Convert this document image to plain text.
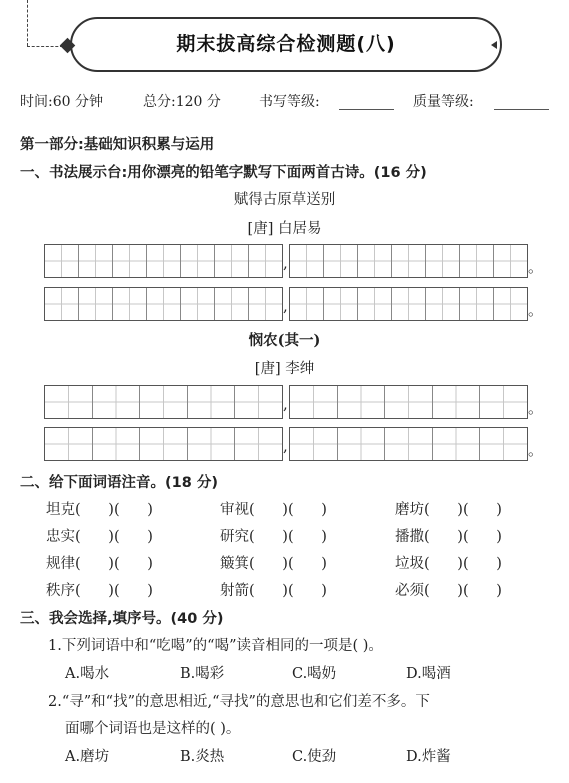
期末拔高综合检测题(八)
时间:60 分钟	总分:120 分	书写等级:	质量等级:
第一部分:基础知识积累与运用
一、书法展示台:用你漂亮的铅笔字默写下面两首古诗。(16 分)
赋得古原草送别
[唐] 白居易
,	。
,	。
悯农(其一)
[唐] 李绅
,	。
,	。
二、给下面词语注音。(18 分)
坦克(      )(      )	审视(      )(      )	磨坊(      )(      )
忠实(      )(      )	研究(      )(      )	播撒(      )(      )
规律(      )(      )	簸箕(      )(      )	垃圾(      )(      )
秩序(      )(      )	射箭(      )(      )	必须(      )(      )
三、我会选择,填序号。(40 分)
1.下列词语中和“吃喝”的“喝”读音相同的一项是( )。
A.喝水	B.喝彩	C.喝奶	D.喝酒
2.“寻”和“找”的意思相近,“寻找”的意思也和它们差不多。下
面哪个词语也是这样的( )。
A.磨坊	B.炎热	C.使劲	D.炸酱
